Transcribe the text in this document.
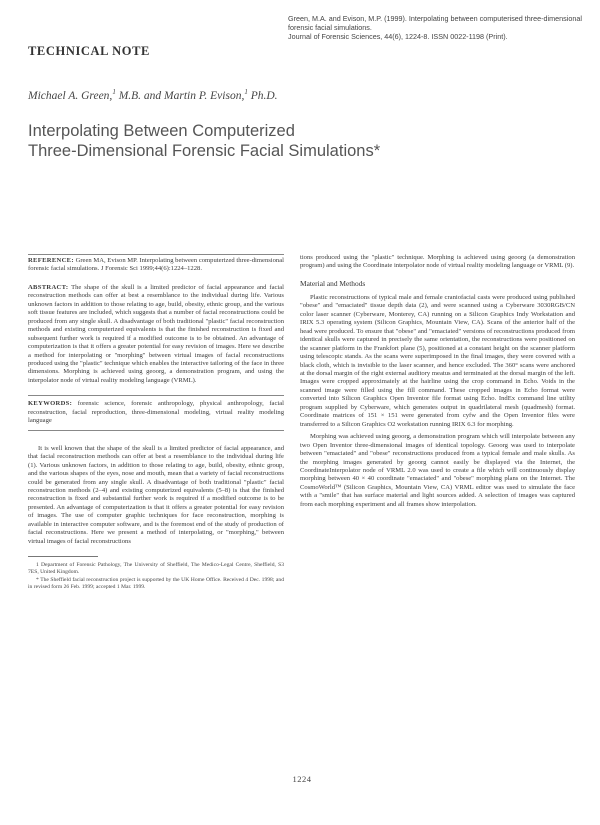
Green, M.A. and Evison, M.P. (1999). Interpolating between computerised three-dimensional forensic facial simulations.
Journal of Forensic Sciences, 44(6), 1224-8. ISSN 0022-1198 (Print).
TECHNICAL NOTE
Michael A. Green,$^1$ M.B. and Martin P. Evison,$^1$ Ph.D.
Interpolating Between Computerized
Three-Dimensional Forensic Facial Simulations*

REFERENCE: Green MA, Evison MP. Interpolating between computerized three-dimensional forensic facial simulations. J Forensic Sci 1999;44(6):1224–1228.

ABSTRACT: The shape of the skull is a limited predictor of facial appearance and facial reconstruction methods can offer at best a resemblance to the individual during life. Various unknown factors in addition to those relating to age, build, obesity, ethnic group, and the various soft tissue features are included, which suggests that a number of facial reconstructions could be produced from any single skull. A disadvantage of both traditional "plastic" facial reconstruction methods and existing computerized equivalents is that the finished reconstruction is fixed and subsequent further work is required if a modified outcome is to be obtained. An advantage of computerization is that it offers a greater potential for easy revision of images. Here we describe a method for interpolating or "morphing" between virtual images of facial reconstructions produced using the "plastic" technique which enables the interactive tailoring of the face in three dimensions. Morphing is achieved using geoorg, a demonstration program, and using the interpolator node of virtual reality modeling language (VRML).

KEYWORDS: forensic science, forensic anthropology, physical anthropology, facial reconstruction, facial reproduction, three-dimensional modeling, virtual reality modeling language

It is well known that the shape of the skull is a limited predictor of facial appearance, and that facial reconstruction methods can offer at best a resemblance to the individual during life (1). Various unknown factors, in addition to those relating to age, build, obesity, ethnic group, and the various shapes of the eyes, nose and mouth, mean that a variety of facial reconstructions could be generated from any single skull. A disadvantage of both traditional "plastic" facial reconstruction methods (2–4) and existing computerized equivalents (5–8) is that the finished reconstruction is fixed and substantial further work is required if a modified outcome is to be presented. An advantage of computerization is that it offers a greater potential for easy revision of images. The use of computer graphic techniques for face reconstruction, morphing is available in interactive computer software, and is the foremost end of the study of production of facial reconstructions. Here we present a method of interpolating, or "morphing," between virtual images of facial reconstructions

1 Department of Forensic Pathology, The University of Sheffield, The Medico-Legal Centre, Sheffield, S3 7ES, United Kingdom.

* The Sheffield facial reconstruction project is supported by the UK Home Office. Received 4 Dec. 1998; and in revised form 26 Feb. 1999; accepted 1 Mar. 1999.

tions produced using the "plastic" technique. Morphing is achieved using geoorg (a demonstration program) and using the Coordinate interpolator node of virtual reality modeling language or VRML (9).

Material and Methods

Plastic reconstructions of typical male and female craniofacial casts were produced using published "obese" and "emaciated" tissue depth data (2), and were scanned using a Cyberware 3030RGB/CN color laser scanner (Cyberware, Monterey, CA) running on a Silicon Graphics Indy Workstation and IRIX 5.3 operating system (Silicon Graphics, Mountain View, CA). Scans of the anterior half of the head were produced. To ensure that "obese" and "emaciated" versions of reconstructions produced from identical skulls were captured in precisely the same orientation, the reconstructions were positioned on the scanner platform in the Frankfort plane (5), positioned at a constant height on the scanner platform using telescopic stands. As the scans were superimposed in the final images, they were covered with a black cloth, which is invisible to the laser scanner, and hence excluded. The 360° scans were anchored at the dorsal margin of the right external auditory meatus and terminated at the dorsal margin of the left. Images were cropped approximately at the hairline using the crop command in Echo. Voids in the scanned image were filled using the fill command. These cropped images in Echo format were converted into Silicon Graphics Open Inventor file format using Echo. IndEx command line utility program supplied by Cyberware, which generates output in quadrilateral mesh (quadmesh) format. Coordinate matrices of 151 × 151 were generated from cyfw and the Open Inventor files were transferred to a Silicon Graphics O2 workstation running IRIX 6.3 for morphing.

Morphing was achieved using geoorg, a demonstration program which will interpolate between any two Open Inventor three-dimensional images of identical topology. Geoorg was used to interpolate between "emaciated" and "obese" reconstructions produced from a typical female and male skulls. As the morphing images generated by geoorg cannot easily be displayed via the Internet, the CoordinateInterpolator node of VRML 2.0 was used to create a file which will continuously display morphing between 40 × 40 coordinate "emaciated" and "obese" morphing plans on the Internet. The CosmoWorld™ (Silicon Graphics, Mountain View, CA) VRML editor was used to simulate the face with a "smile" that has surface material and light sources added. A selection of images was captured from each morphing experiment and all frames show interpolation.

1224
